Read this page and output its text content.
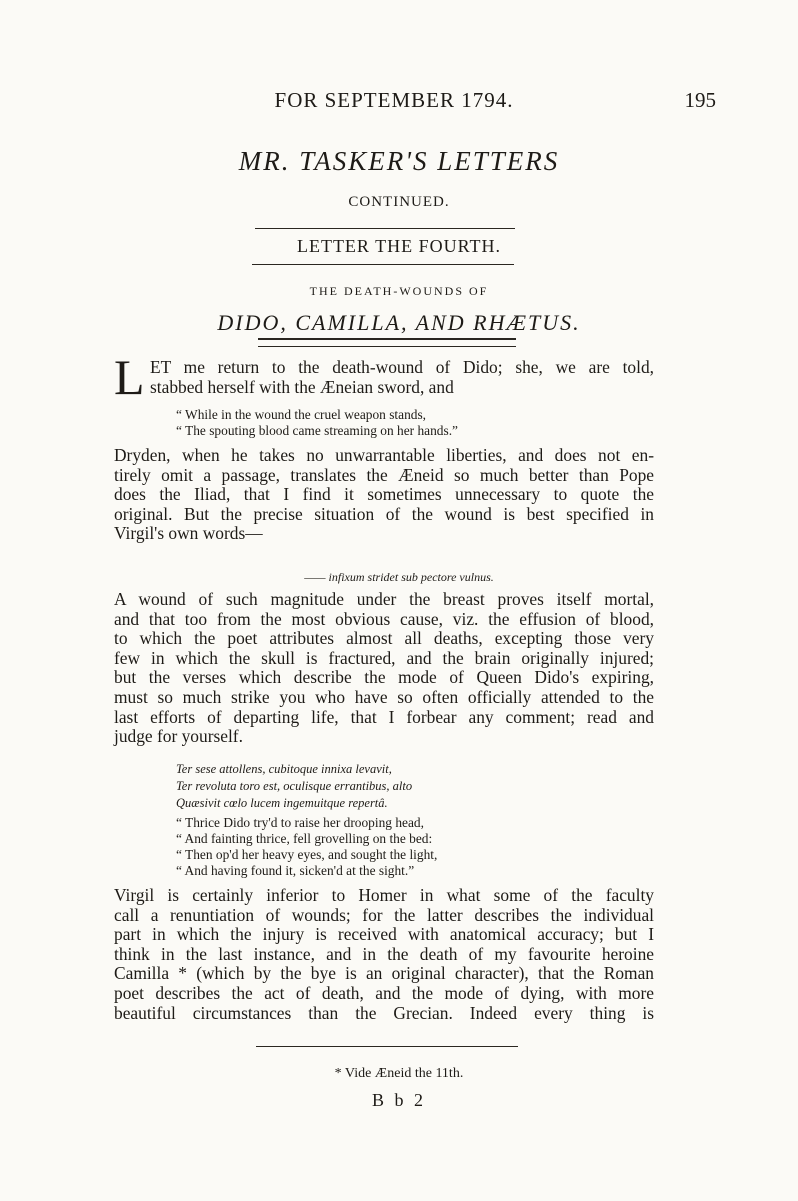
FOR SEPTEMBER 1794.	195
MR. TASKER'S LETTERS
CONTINUED.
LETTER THE FOURTH.
THE DEATH-WOUNDS OF
DIDO, CAMILLA, AND RHÆTUS.
L ET me return to the death-wound of Dido; she, we are told,
stabbed herself with the Æneian sword, and
“ While in the wound the cruel weapon stands,
“ The spouting blood came streaming on her hands.”
Dryden, when he takes no unwarrantable liberties, and does not en-
tirely omit a passage, translates the Æneid so much better than Pope
does the Iliad, that I find it sometimes unnecessary to quote the
original. But the precise situation of the wound is best specified in
Virgil's own words—
—— infixum stridet sub pectore vulnus.
A wound of such magnitude under the breast proves itself mortal,
and that too from the most obvious cause, viz. the effusion of blood,
to which the poet attributes almost all deaths, excepting those very
few in which the skull is fractured, and the brain originally injured;
but the verses which describe the mode of Queen Dido's expiring,
must so much strike you who have so often officially attended to the
last efforts of departing life, that I forbear any comment; read and
judge for yourself.
Ter sese attollens, cubitoque innixa levavit,
Ter revoluta toro est, oculisque errantibus, alto
Quæsivit cœlo lucem ingemuitque repertâ.
“ Thrice Dido try'd to raise her drooping head,
“ And fainting thrice, fell grovelling on the bed:
“ Then op'd her heavy eyes, and sought the light,
“ And having found it, sicken'd at the sight.”
Virgil is certainly inferior to Homer in what some of the faculty
call a renuntiation of wounds; for the latter describes the individual
part in which the injury is received with anatomical accuracy; but I
think in the last instance, and in the death of my favourite heroine
Camilla * (which by the bye is an original character), that the Roman
poet describes the act of death, and the mode of dying, with more
beautiful circumstances than the Grecian. Indeed every thing is
* Vide Æneid the 11th.
B b 2
